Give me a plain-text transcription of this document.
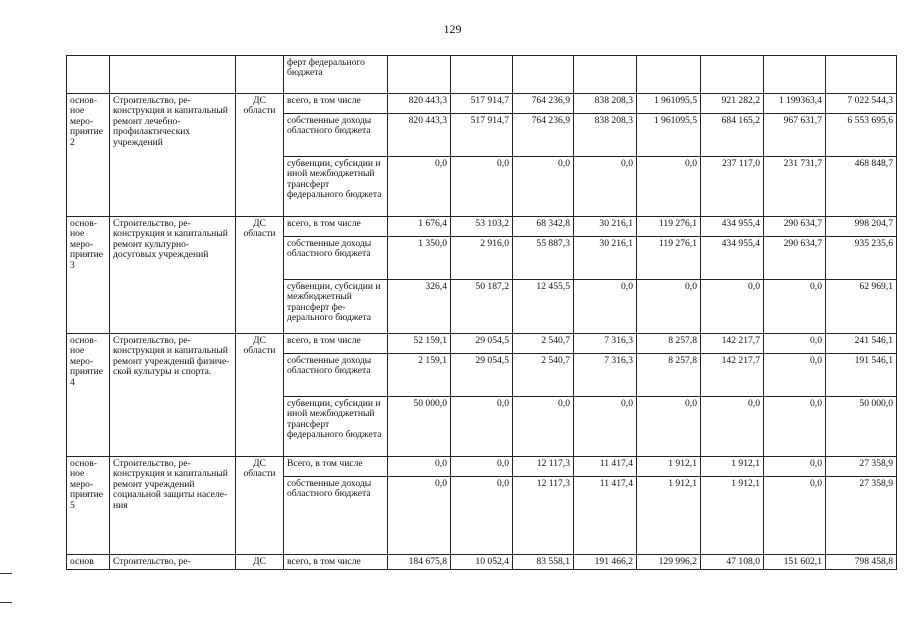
129
			ферт федерального бюджета								
основное мероприятие 2	Строительство, реконструкция и капитальный ремонт лечебно-профилактических учреждений	ДС области	всего, в том числе	820 443,3	517 914,7	764 236,9	838 208,3	1 961095,5	921 282,2	1 199363,4	7 022 544,3
			собственные доходы областного бюджета	820 443,3	517 914,7	764 236,9	838 208,3	1 961095,5	684 165,2	967 631,7	6 553 695,6
			субвенции, субсидии и иной межбюджетный трансферт федерального бюджета	0,0	0,0	0,0	0,0	0,0	237 117,0	231 731,7	468 848,7
основное мероприятие 3	Строительство, реконструкция и капитальный ремонт культурно-досуговых учреждений	ДС области	всего, в том числе	1 676,4	53 103,2	68 342,8	30 216,1	119 276,1	434 955,4	290 634,7	998 204,7
			собственные доходы областного бюджета	1 350,0	2 916,0	55 887,3	30 216,1	119 276,1	434 955,4	290 634,7	935 235,6
			субвенции, субсидии и межбюджетный трансферт федерального бюджета	326,4	50 187,2	12 455,5	0,0	0,0	0,0	0,0	62 969,1
основное мероприятие 4	Строительство, реконструкция и капитальный ремонт учреждений физической культуры и спорта.	ДС области	всего, в том числе	52 159,1	29 054,5	2 540,7	7 316,3	8 257,8	142 217,7	0,0	241 546,1
			собственные доходы областного бюджета	2 159,1	29 054,5	2 540,7	7 316,3	8 257,8	142 217,7	0,0	191 546,1
			субвенции, субсидии и иной межбюджетный трансферт федерального бюджета	50 000,0	0,0	0,0	0,0	0,0	0,0	0,0	50 000,0
основное мероприятие 5	Строительство, реконструкция и капитальный ремонт учреждений социальной защиты населения	ДС области	Всего, в том числе	0,0	0,0	12 117,3	11 417,4	1 912,1	1 912,1	0,0	27 358,9
			собственные доходы областного бюджета	0,0	0,0	12 117,3	11 417,4	1 912,1	1 912,1	0,0	27 358,9
основ	Строительство, ре-	ДС	всего, в том числе	184 675,8	10 052,4	83 558,1	191 466,2	129 996,2	47 108,0	151 602,1	798 458,8
